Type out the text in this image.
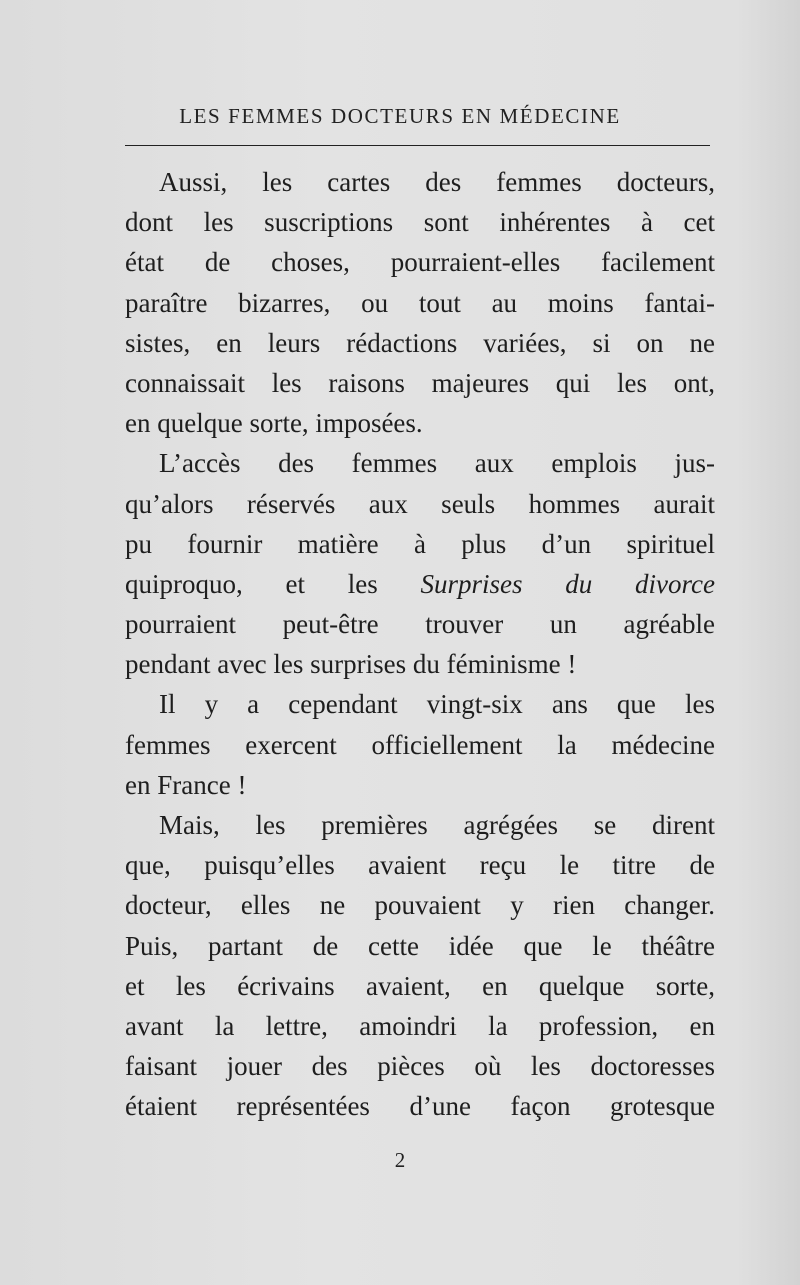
LES FEMMES DOCTEURS EN MÉDECINE
Aussi, les cartes des femmes docteurs,
dont les suscriptions sont inhérentes à cet
état de choses, pourraient-elles facilement
paraître bizarres, ou tout au moins fantai-
sistes, en leurs rédactions variées, si on ne
connaissait les raisons majeures qui les ont,
en quelque sorte, imposées.
L’accès des femmes aux emplois jus-
qu’alors réservés aux seuls hommes aurait
pu fournir matière à plus d’un spirituel
quiproquo, et les Surprises du divorce
pourraient peut-être trouver un agréable
pendant avec les surprises du féminisme !
Il y a cependant vingt-six ans que les
femmes exercent officiellement la médecine
en France !
Mais, les premières agrégées se dirent
que, puisqu’elles avaient reçu le titre de
docteur, elles ne pouvaient y rien changer.
Puis, partant de cette idée que le théâtre
et les écrivains avaient, en quelque sorte,
avant la lettre, amoindri la profession, en
faisant jouer des pièces où les doctoresses
étaient représentées d’une façon grotesque
2
